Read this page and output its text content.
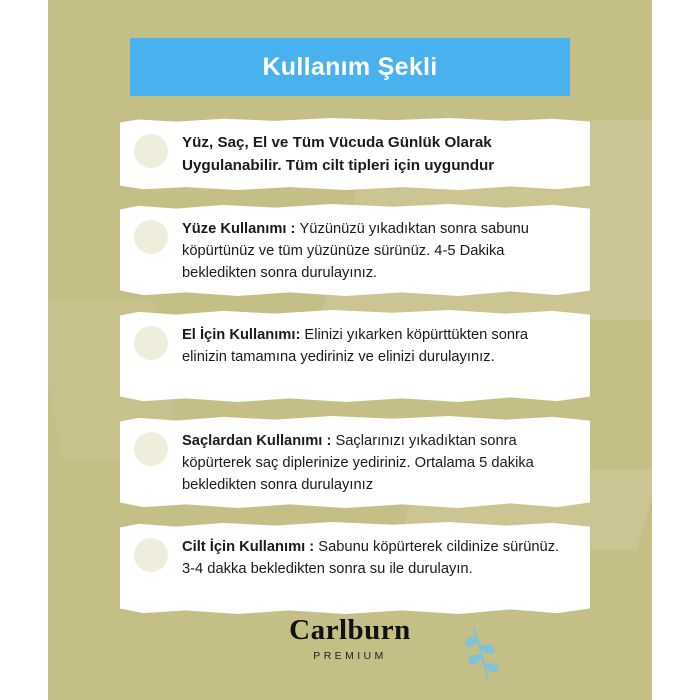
Kullanım Şekli
Yüz, Saç, El ve Tüm Vücuda Günlük Olarak Uygulanabilir. Tüm cilt tipleri için uygundur
Yüze Kullanımı : Yüzünüzü yıkadıktan sonra sabunu köpürtünüz ve tüm yüzünüze sürünüz. 4-5 Dakika bekledikten sonra durulayınız.
El İçin Kullanımı: Elinizi yıkarken köpürttükten sonra elinizin tamamına yediriniz ve elinizi durulayınız.
Saçlardan Kullanımı : Saçlarınızı yıkadıktan sonra köpürterek saç diplerinize yediriniz. Ortalama 5 dakika bekledikten sonra durulayınız
Cilt İçin Kullanımı : Sabunu köpürterek cildinize sürünüz. 3-4 dakka bekledikten sonra su ile durulayın.
Carlburn
PREMIUM
